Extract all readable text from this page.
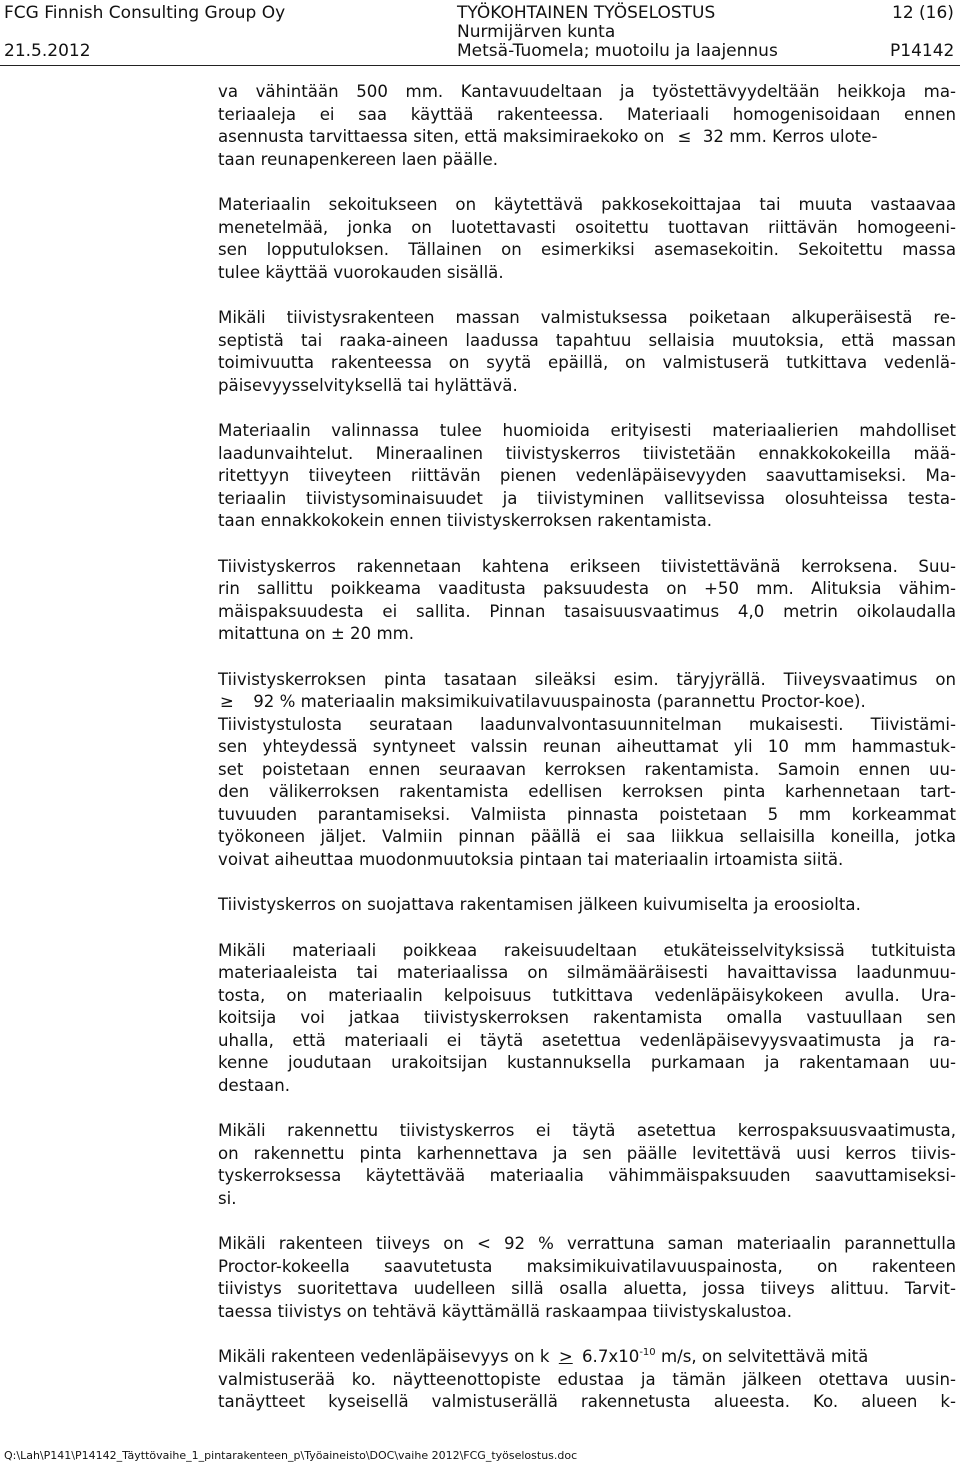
FCG Finnish Consulting Group Oy
21.5.2012
TYÖKOHTAINEN TYÖSELOSTUS
Nurmijärven kunta
Metsä-Tuomela; muotoilu ja laajennus
12 (16)
P14142
va vähintään 500 mm. Kantavuudeltaan ja työstettävyydeltään heikkoja ma-
teriaaleja ei saa käyttää rakenteessa. Materiaali homogenisoidaan ennen
asennusta tarvittaessa siten, että maksimiraekoko on ≤ 32 mm. Kerros ulote-
taan reunapenkereen laen päälle.
Materiaalin sekoitukseen on käytettävä pakkosekoittajaa tai muuta vastaavaa
menetelmää, jonka on luotettavasti osoitettu tuottavan riittävän homogeeni-
sen lopputuloksen. Tällainen on esimerkiksi asemasekoitin. Sekoitettu massa
tulee käyttää vuorokauden sisällä.
Mikäli tiivistysrakenteen massan valmistuksessa poiketaan alkuperäisestä re-
septistä tai raaka-aineen laadussa tapahtuu sellaisia muutoksia, että massan
toimivuutta rakenteessa on syytä epäillä, on valmistuserä tutkittava vedenlä-
päisevyysselvityksellä tai hylättävä.
Materiaalin valinnassa tulee huomioida erityisesti materiaalierien mahdolliset
laadunvaihtelut. Mineraalinen tiivistyskerros tiivistetään ennakkokokeilla mää-
ritettyyn tiiveyteen riittävän pienen vedenläpäisevyyden saavuttamiseksi. Ma-
teriaalin tiivistysominaisuudet ja tiivistyminen vallitsevissa olosuhteissa testa-
taan ennakkokokein ennen tiivistyskerroksen rakentamista.
Tiivistyskerros rakennetaan kahtena erikseen tiivistettävänä kerroksena. Suu-
rin sallittu poikkeama vaaditusta paksuudesta on +50 mm. Alituksia vähim-
mäispaksuudesta ei sallita. Pinnan tasaisuusvaatimus 4,0 metrin oikolaudalla
mitattuna on ± 20 mm.
Tiivistyskerroksen pinta tasataan sileäksi esim. täryjyrällä. Tiiveysvaatimus on
≥ 92 % materiaalin maksimikuivatilavuuspainosta (parannettu Proctor-koe).
Tiivistystulosta seurataan laadunvalvontasuunnitelman mukaisesti. Tiivistämi-
sen yhteydessä syntyneet valssin reunan aiheuttamat yli 10 mm hammastuk-
set poistetaan ennen seuraavan kerroksen rakentamista. Samoin ennen uu-
den välikerroksen rakentamista edellisen kerroksen pinta karhennetaan tart-
tuvuuden parantamiseksi. Valmiista pinnasta poistetaan 5 mm korkeammat
työkoneen jäljet. Valmiin pinnan päällä ei saa liikkua sellaisilla koneilla, jotka
voivat aiheuttaa muodonmuutoksia pintaan tai materiaalin irtoamista siitä.
Tiivistyskerros on suojattava rakentamisen jälkeen kuivumiselta ja eroosiolta.
Mikäli materiaali poikkeaa rakeisuudeltaan etukäteisselvityksissä tutkituista
materiaaleista tai materiaalissa on silmämääräisesti havaittavissa laadunmuu-
tosta, on materiaalin kelpoisuus tutkittava vedenläpäisykokeen avulla. Ura-
koitsija voi jatkaa tiivistyskerroksen rakentamista omalla vastuullaan sen
uhalla, että materiaali ei täytä asetettua vedenläpäisevyysvaatimusta ja ra-
kenne joudutaan urakoitsijan kustannuksella purkamaan ja rakentamaan uu-
destaan.
Mikäli rakennettu tiivistyskerros ei täytä asetettua kerrospaksuusvaatimusta,
on rakennettu pinta karhennettava ja sen päälle levitettävä uusi kerros tiivis-
tyskerroksessa käytettävää materiaalia vähimmäispaksuuden saavuttamiseksi-
si.
Mikäli rakenteen tiiveys on < 92 % verrattuna saman materiaalin parannettulla
Proctor-kokeella saavutetusta maksimikuivatilavuuspainosta, on rakenteen
tiivistys suoritettava uudelleen sillä osalla aluetta, jossa tiiveys alittuu. Tarvit-
taessa tiivistys on tehtävä käyttämällä raskaampaa tiivistyskalustoa.
Mikäli rakenteen vedenläpäisevyys on $k \ge 6.7x10^{-10}$ m/s, on selvitettävä mitä
valmistuserää ko. näytteenottopiste edustaa ja tämän jälkeen otettava uusin-
tanäytteet kyseisellä valmistuserällä rakennetusta alueesta. Ko. alueen k-
Q:\Lah\P141\P14142_Täyttövaihe_1_pintarakenteen_p\Työaineisto\DOC\vaihe 2012\FCG_työselostus.doc
